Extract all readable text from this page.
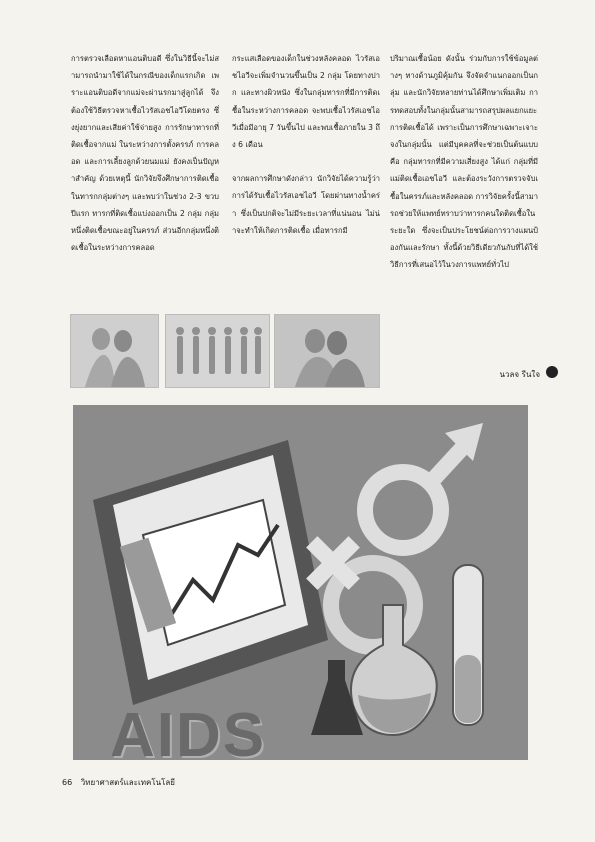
การตรวจเลือดหาแอนติบอดี ซึ่งในวิธีนี้จะไม่สามารถนำมาใช้ได้ในกรณีของเด็กแรกเกิด เพราะแอนติบอดีจากแม่จะผ่านรกมาสู่ลูกได้ จึงต้องใช้วิธีตรวจหาเชื้อไวรัสเอชไอวีโดยตรง ซึ่งยุ่งยากและเสียค่าใช้จ่ายสูง การรักษาทารกที่ติดเชื้อจากแม่ ในระหว่างการตั้งครรภ์ การคลอด และการเลี้ยงลูกด้วยนมแม่ ยังคงเป็นปัญหาสำคัญ ด้วยเหตุนี้ นักวิจัยจึงศึกษาการติดเชื้อในทารกกลุ่มต่างๆ และพบว่าในช่วง 2-3 ขวบปีแรก ทารกที่ติดเชื้อแบ่งออกเป็น 2 กลุ่ม กลุ่มหนึ่งติดเชื้อขณะอยู่ในครรภ์ ส่วนอีกกลุ่มหนึ่งติดเชื้อในระหว่างการคลอด

กระแสเลือดของเด็กในช่วงหลังคลอด ไวรัสเอชไอวีจะเพิ่มจำนวนขึ้นเป็น 2 กลุ่ม โดยทางปาก และทางผิวหนัง ซึ่งในกลุ่มทารกที่มีการติดเชื้อในระหว่างการคลอด จะพบเชื้อไวรัสเอชไอวีเมื่อมีอายุ 7 วันขึ้นไป และพบเชื้อภายใน 3 ถึง 6 เดือน

จากผลการศึกษาดังกล่าว นักวิจัยได้ความรู้ว่า การได้รับเชื้อไวรัสเอชไอวี โดยผ่านทางน้ำคร่ำ ซึ่งเป็นปกติจะไม่มีระยะเวลาที่แน่นอน ไม่น่าจะทำให้เกิดการติดเชื้อ เมื่อทารกมี

ปริมาณเชื้อน้อย ดังนั้น ร่วมกับการใช้ข้อมูลต่างๆ ทางด้านภูมิคุ้มกัน จึงจัดจำแนกออกเป็นกลุ่ม และนักวิจัยหลายท่านได้ศึกษาเพิ่มเติม การทดสอบทั้งในกลุ่มนั้นสามารถสรุปผลแยกแยะการติดเชื้อได้ เพราะเป็นการศึกษาเฉพาะเจาะจงในกลุ่มนั้น แต่มีบุคคลที่จะช่วยเป็นต้นแบบ คือ กลุ่มทารกที่มีความเสี่ยงสูง ได้แก่ กลุ่มที่มีแม่ติดเชื้อเอชไอวี และต้องระวังการตรวจจับเชื้อในครรภ์และหลังคลอด การวิจัยครั้งนี้สามารถช่วยให้แพทย์ทราบว่าทารกคนใดติดเชื้อในระยะใด ซึ่งจะเป็นประโยชน์ต่อการวางแผนป้องกันและรักษา ทั้งนี้ด้วยวิธีเดียวกันกับที่ได้ใช้วิธีการที่เสนอไว้ในวงการแพทย์ทั่วไป

นวลจ รีนใจ
AIDS
66 วิทยาศาสตร์และเทคโนโลยี
